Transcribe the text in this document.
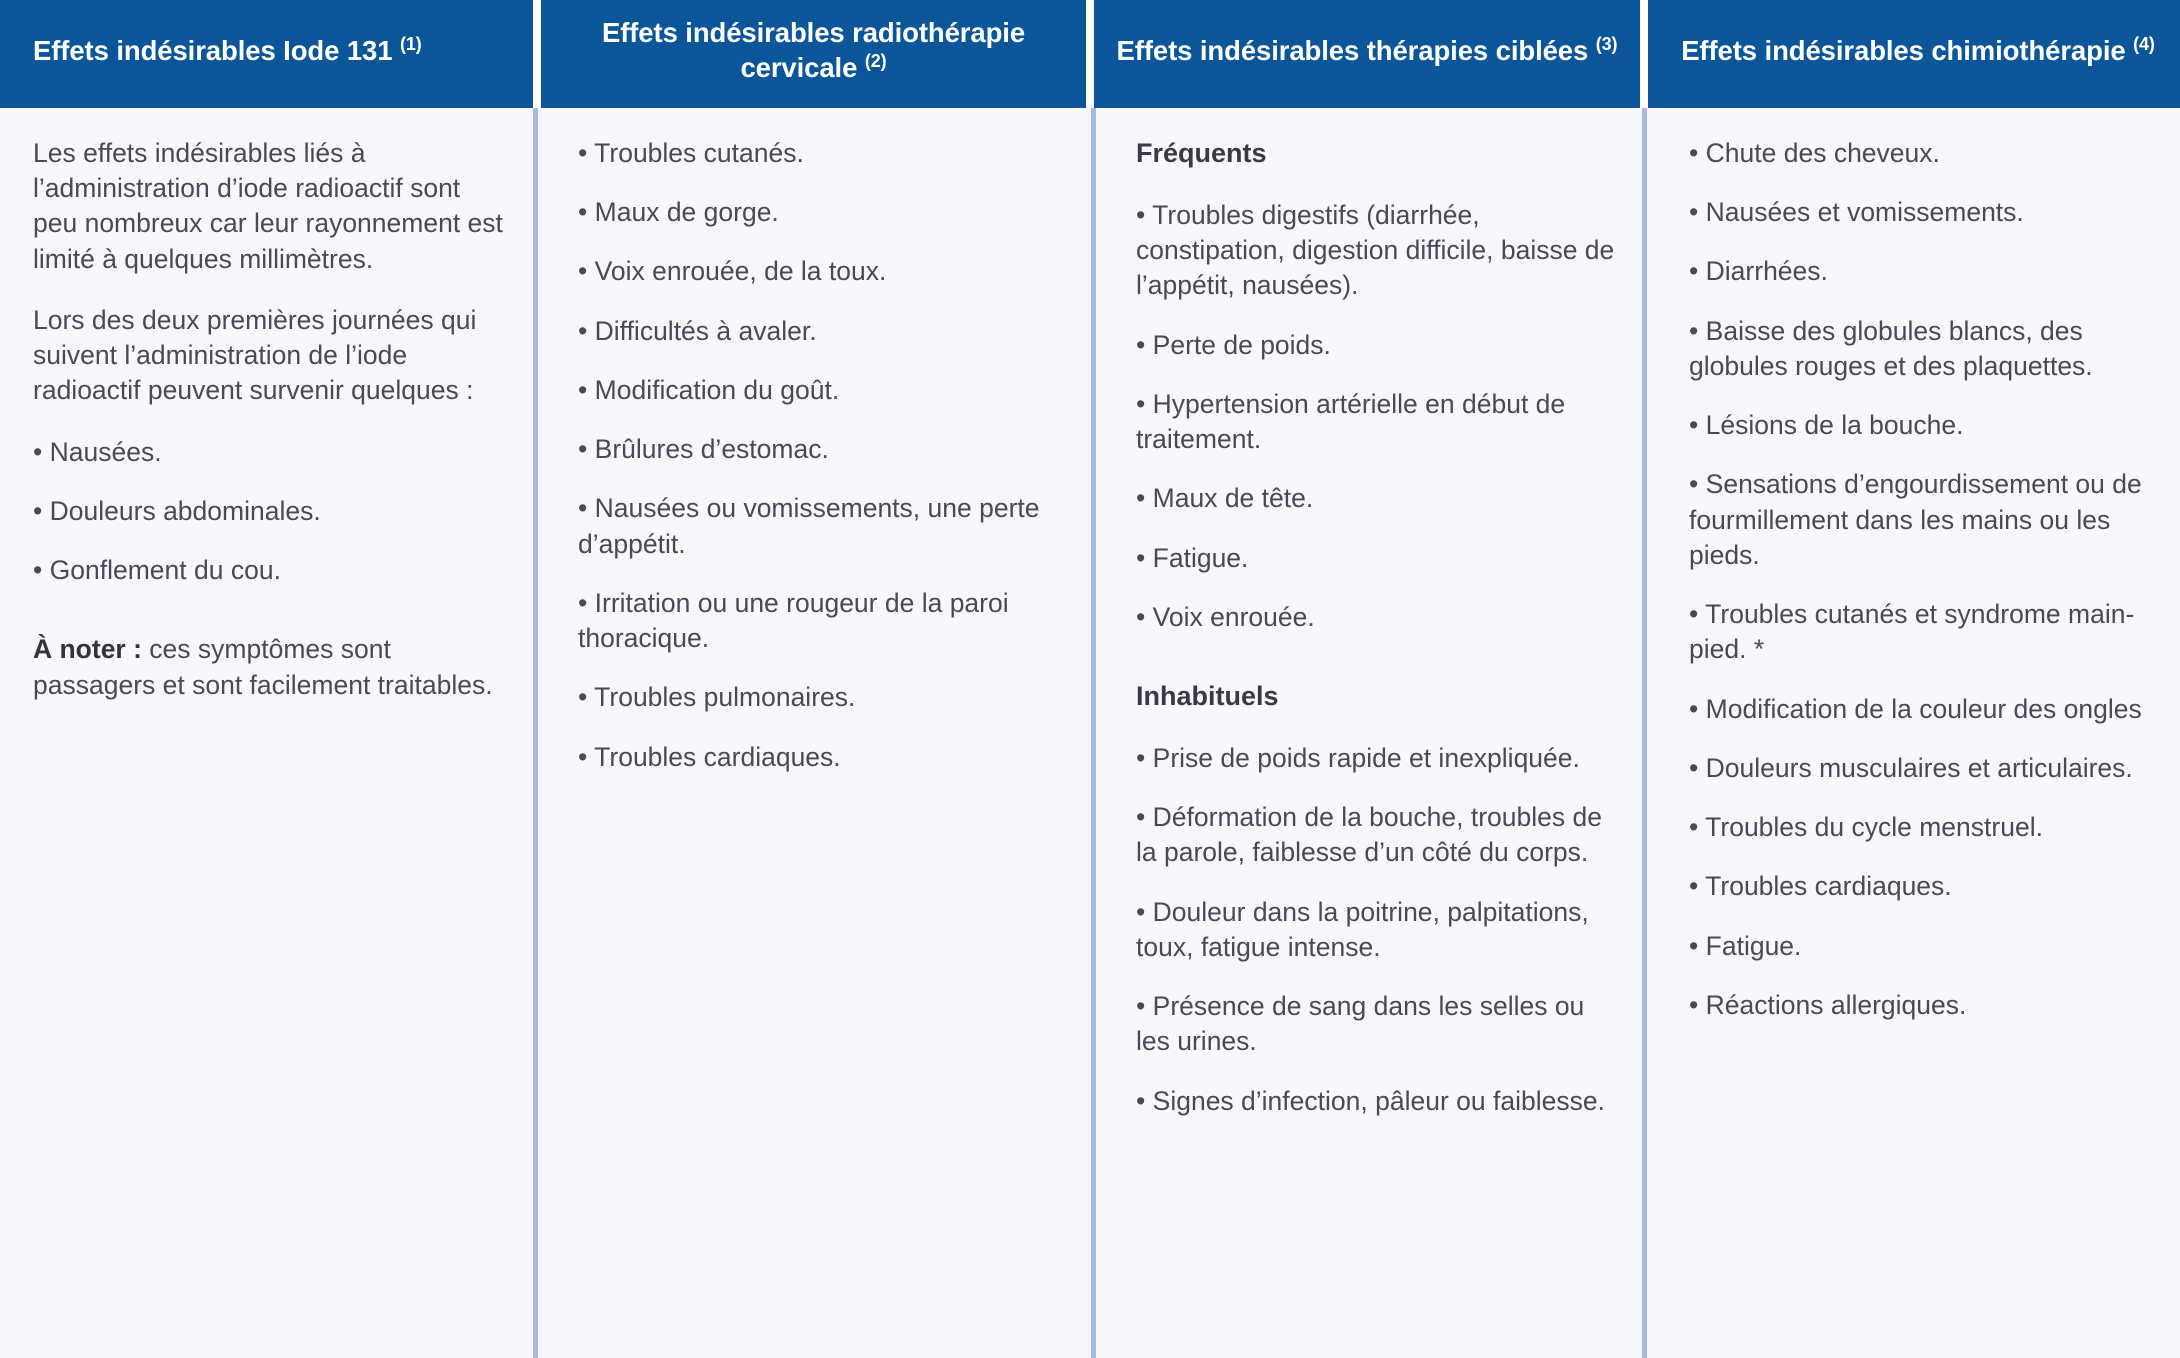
Effets indésirables Iode 131 $^{(1)}$	Effets indésirables radiothérapie cervicale $^{(2)}$	Effets indésirables thérapies ciblées $^{(3)}$ Effets indésirables chimiothérapie $^{(4)}$

Les effets indésirables liés à l’administration d’iode radioactif sont peu nombreux car leur rayonnement est limité à quelques millimètres.

Lors des deux premières journées qui suivent l’administration de l’iode radioactif peuvent survenir quelques :

• Nausées.

• Douleurs abdominales.

• Gonflement du cou.

À noter : ces symptômes sont passagers et sont facilement traitables.

• Troubles cutanés.

• Maux de gorge.

• Voix enrouée, de la toux.

• Difficultés à avaler.

• Modification du goût.

• Brûlures d’estomac.

• Nausées ou vomissements, une perte d’appétit.

• Irritation ou une rougeur de la paroi thoracique.

• Troubles pulmonaires.

• Troubles cardiaques.

Fréquents

• Troubles digestifs (diarrhée, constipation, digestion difficile, baisse de l’appétit, nausées).

• Perte de poids.

• Hypertension artérielle en début de traitement.

• Maux de tête.

• Fatigue.

• Voix enrouée.

Inhabituels

• Prise de poids rapide et inexpliquée.

• Déformation de la bouche, troubles de la parole, faiblesse d’un côté du corps.

• Douleur dans la poitrine, palpitations, toux, fatigue intense.

• Présence de sang dans les selles ou les urines.

• Signes d’infection, pâleur ou faiblesse.

• Chute des cheveux.

• Nausées et vomissements.

• Diarrhées.

• Baisse des globules blancs, des globules rouges et des plaquettes.

• Lésions de la bouche.

• Sensations d’engourdissement ou de fourmillement dans les mains ou les pieds.

• Troubles cutanés et syndrome main-pied. *

• Modification de la couleur des ongles

• Douleurs musculaires et articulaires.

• Troubles du cycle menstruel.

• Troubles cardiaques.

• Fatigue.

• Réactions allergiques.
